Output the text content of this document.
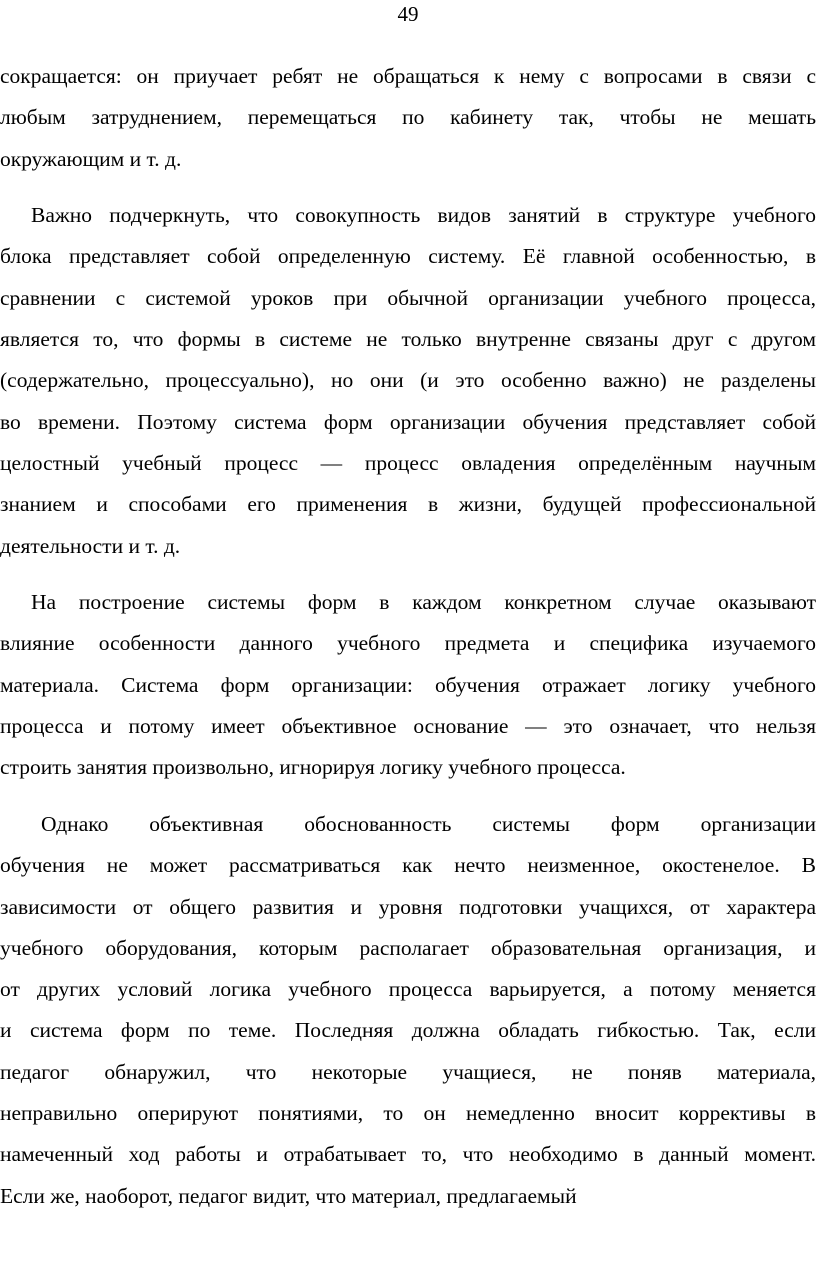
49
сокращается: он приучает ребят не обращаться к нему с вопросами в связи с
любым затруднением, перемещаться по кабинету так, чтобы не мешать
окружающим и т. д.
Важно подчеркнуть, что совокупность видов занятий в структуре учебного
блока представляет собой определенную систему. Её главной особенностью, в
сравнении с системой уроков при обычной организации учебного процесса,
является то, что формы в системе не только внутренне связаны друг с другом
(содержательно, процессуально), но они (и это особенно важно) не разделены
во времени. Поэтому система форм организации обучения представляет собой
целостный учебный процесс — процесс овладения определённым научным
знанием и способами его применения в жизни, будущей профессиональной
деятельности и т. д.
На построение системы форм в каждом конкретном случае оказывают
влияние особенности данного учебного предмета и специфика изучаемого
материала. Система форм организации: обучения отражает логику учебного
процесса и потому имеет объективное основание — это означает, что нельзя
строить занятия произвольно, игнорируя логику учебного процесса.
Однако объективная обоснованность системы форм организации
обучения не может рассматриваться как нечто неизменное, окостенелое. В
зависимости от общего развития и уровня подготовки учащихся, от характера
учебного оборудования, которым располагает образовательная организация, и
от других условий логика учебного процесса варьируется, а потому меняется
и система форм по теме. Последняя должна обладать гибкостью. Так, если
педагог обнаружил, что некоторые учащиеся, не поняв материала,
неправильно оперируют понятиями, то он немедленно вносит коррективы в
намеченный ход работы и отрабатывает то, что необходимо в данный момент.
Если же, наоборот, педагог видит, что материал, предлагаемый
